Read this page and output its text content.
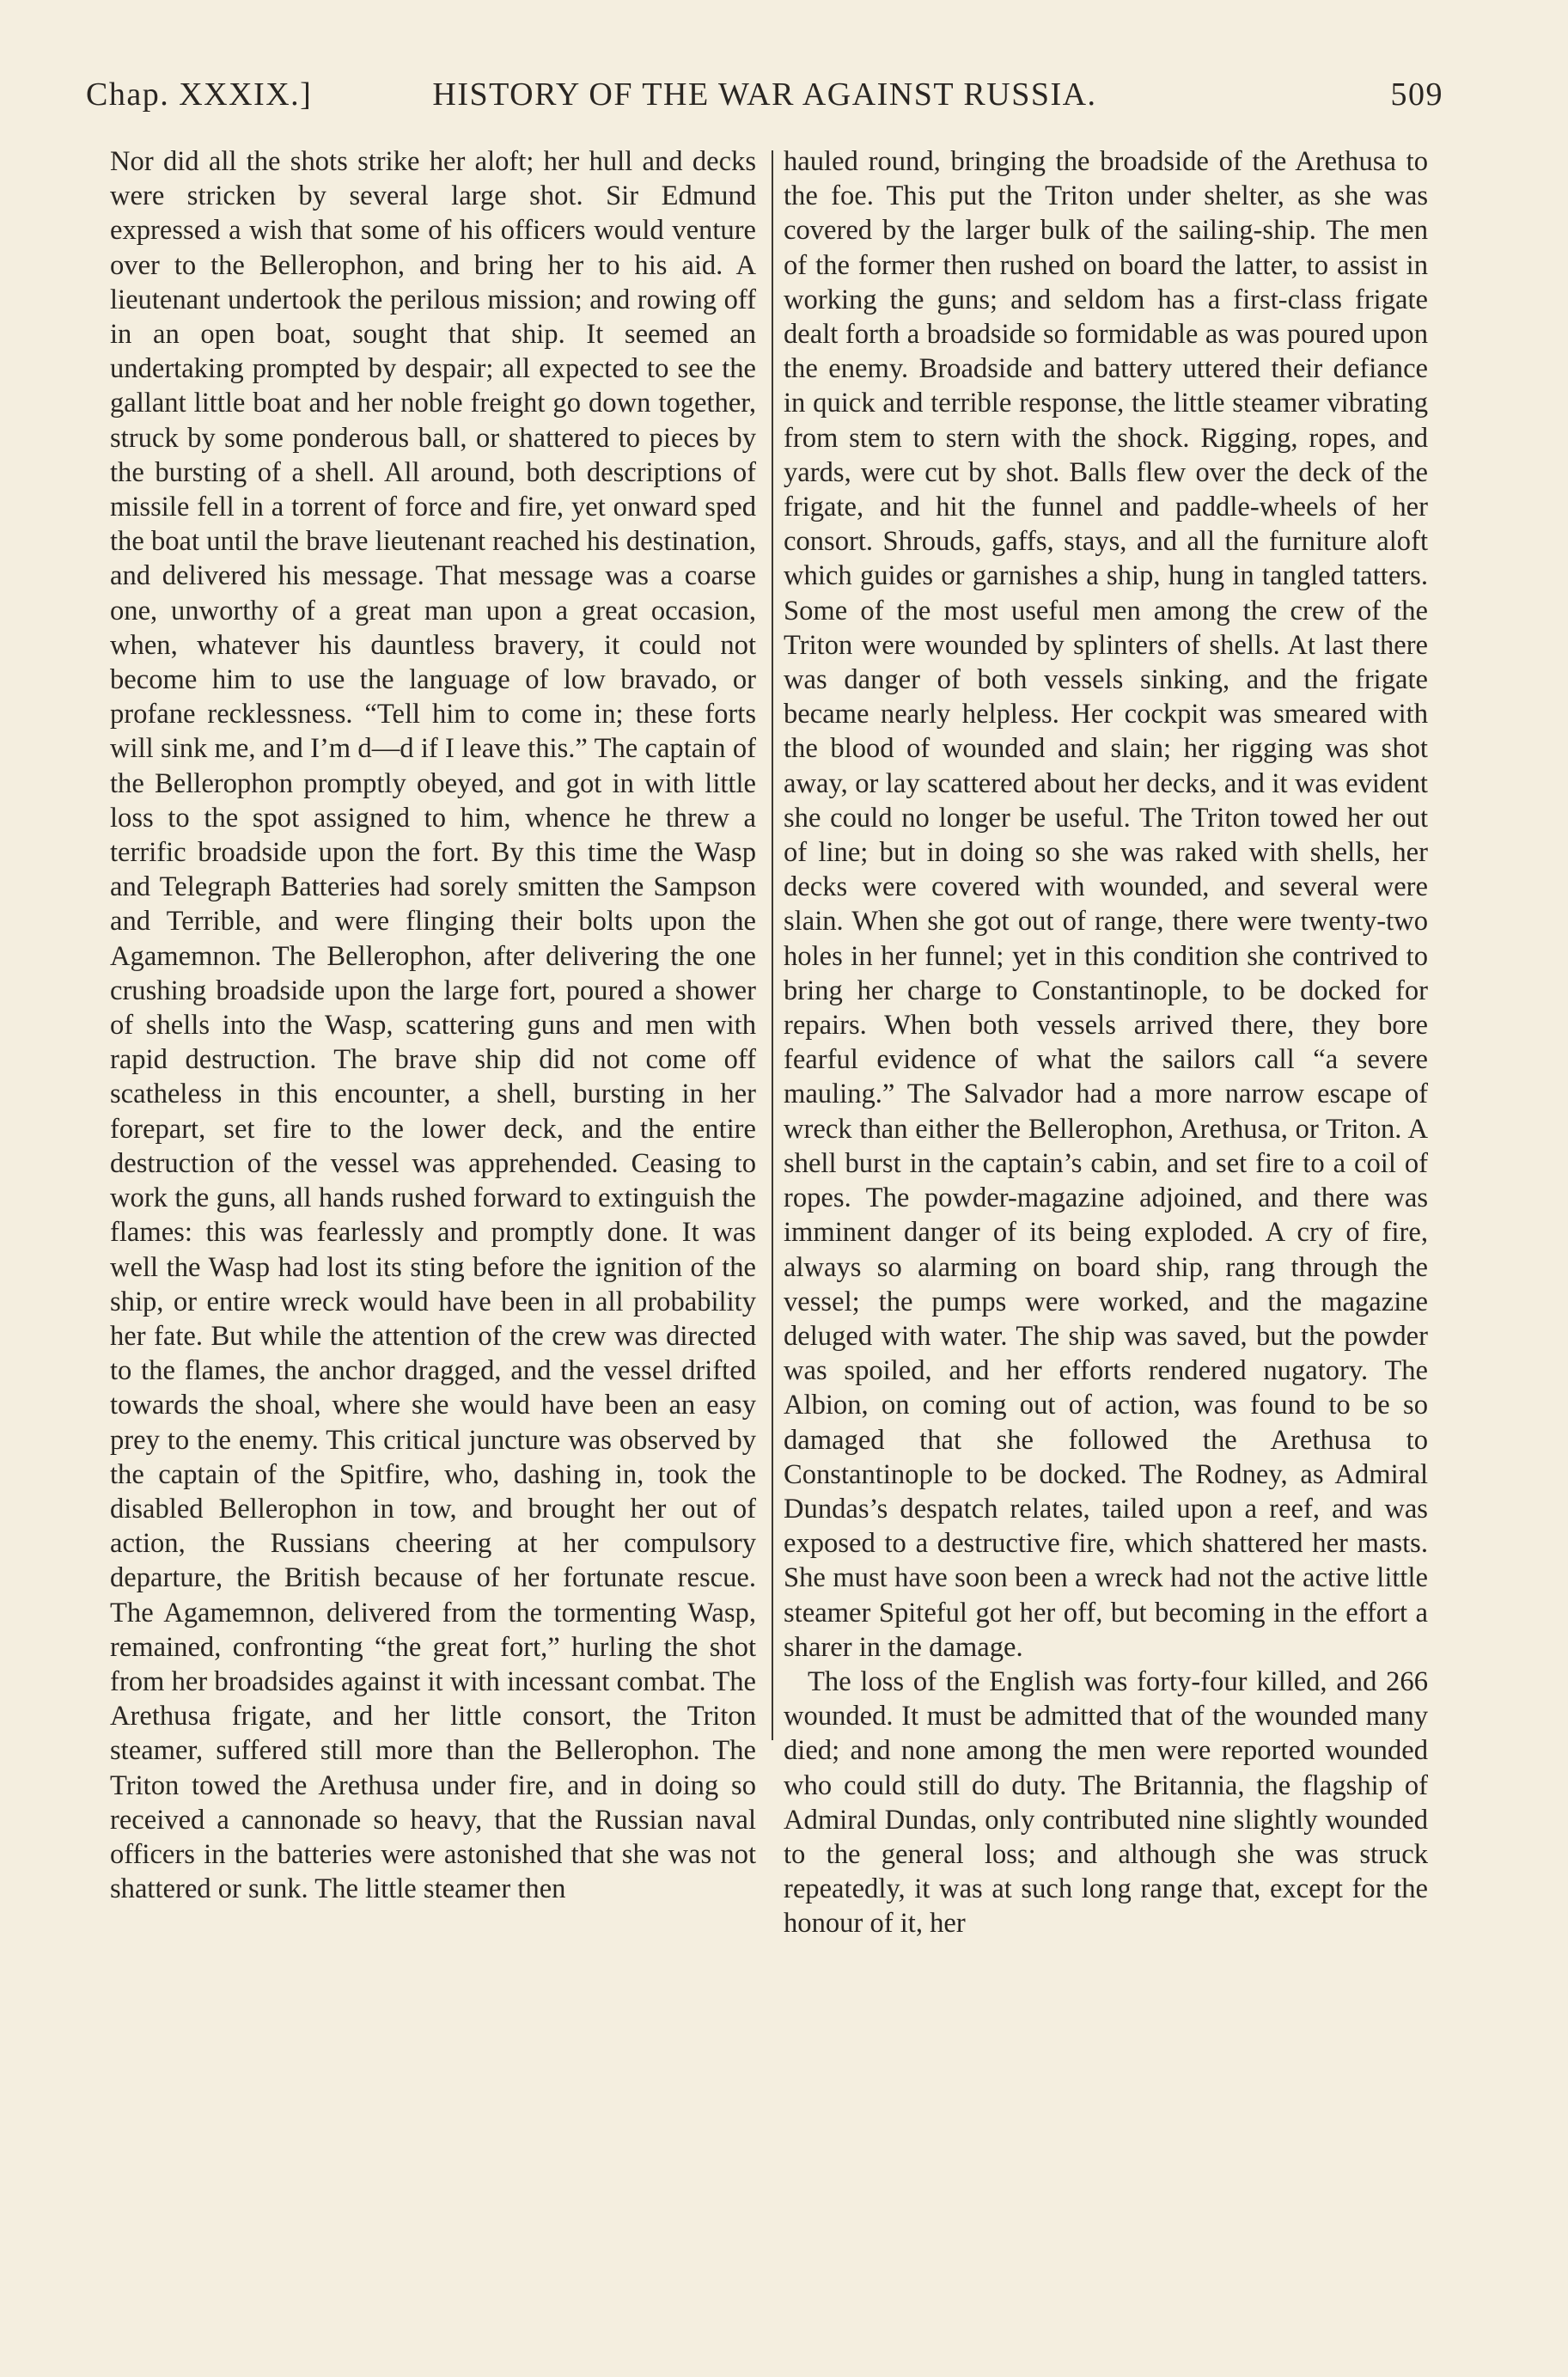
Chap. XXXIX.]	HISTORY OF THE WAR AGAINST RUSSIA.	509

Nor did all the shots strike her aloft; her hull and decks were stricken by several large shot. Sir Edmund expressed a wish that some of his officers would venture over to the Bellerophon, and bring her to his aid. A lieutenant undertook the perilous mission; and rowing off in an open boat, sought that ship. It seemed an undertaking prompted by despair; all expected to see the gallant little boat and her noble freight go down together, struck by some ponderous ball, or shattered to pieces by the bursting of a shell. All around, both descriptions of missile fell in a torrent of force and fire, yet onward sped the boat until the brave lieutenant reached his destination, and delivered his message. That message was a coarse one, unworthy of a great man upon a great occasion, when, whatever his dauntless bravery, it could not become him to use the language of low bravado, or profane recklessness. “Tell him to come in; these forts will sink me, and I’m d—d if I leave this.” The captain of the Bellerophon promptly obeyed, and got in with little loss to the spot assigned to him, whence he threw a terrific broadside upon the fort. By this time the Wasp and Telegraph Batteries had sorely smitten the Sampson and Terrible, and were flinging their bolts upon the Agamemnon. The Bellerophon, after delivering the one crushing broadside upon the large fort, poured a shower of shells into the Wasp, scattering guns and men with rapid destruction. The brave ship did not come off scatheless in this encounter, a shell, bursting in her forepart, set fire to the lower deck, and the entire destruction of the vessel was apprehended. Ceasing to work the guns, all hands rushed forward to extinguish the flames: this was fearlessly and promptly done. It was well the Wasp had lost its sting before the ignition of the ship, or entire wreck would have been in all probability her fate. But while the attention of the crew was directed to the flames, the anchor dragged, and the vessel drifted towards the shoal, where she would have been an easy prey to the enemy. This critical juncture was observed by the captain of the Spitfire, who, dashing in, took the disabled Bellerophon in tow, and brought her out of action, the Russians cheering at her compulsory departure, the British because of her fortunate rescue. The Agamemnon, delivered from the tormenting Wasp, remained, confronting “the great fort,” hurling the shot from her broadsides against it with incessant combat. The Arethusa frigate, and her little consort, the Triton steamer, suffered still more than the Bellerophon. The Triton towed the Arethusa under fire, and in doing so received a cannonade so heavy, that the Russian naval officers in the batteries were astonished that she was not shattered or sunk. The little steamer then

hauled round, bringing the broadside of the Arethusa to the foe. This put the Triton under shelter, as she was covered by the larger bulk of the sailing-ship. The men of the former then rushed on board the latter, to assist in working the guns; and seldom has a first-class frigate dealt forth a broadside so formidable as was poured upon the enemy. Broadside and battery uttered their defiance in quick and terrible response, the little steamer vibrating from stem to stern with the shock. Rigging, ropes, and yards, were cut by shot. Balls flew over the deck of the frigate, and hit the funnel and paddle-wheels of her consort. Shrouds, gaffs, stays, and all the furniture aloft which guides or garnishes a ship, hung in tangled tatters. Some of the most useful men among the crew of the Triton were wounded by splinters of shells. At last there was danger of both vessels sinking, and the frigate became nearly helpless. Her cockpit was smeared with the blood of wounded and slain; her rigging was shot away, or lay scattered about her decks, and it was evident she could no longer be useful. The Triton towed her out of line; but in doing so she was raked with shells, her decks were covered with wounded, and several were slain. When she got out of range, there were twenty-two holes in her funnel; yet in this condition she contrived to bring her charge to Constantinople, to be docked for repairs. When both vessels arrived there, they bore fearful evidence of what the sailors call “a severe mauling.” The Salvador had a more narrow escape of wreck than either the Bellerophon, Arethusa, or Triton. A shell burst in the captain’s cabin, and set fire to a coil of ropes. The powder-magazine adjoined, and there was imminent danger of its being exploded. A cry of fire, always so alarming on board ship, rang through the vessel; the pumps were worked, and the magazine deluged with water. The ship was saved, but the powder was spoiled, and her efforts rendered nugatory. The Albion, on coming out of action, was found to be so damaged that she followed the Arethusa to Constantinople to be docked. The Rodney, as Admiral Dundas’s despatch relates, tailed upon a reef, and was exposed to a destructive fire, which shattered her masts. She must have soon been a wreck had not the active little steamer Spiteful got her off, but becoming in the effort a sharer in the damage.

The loss of the English was forty-four killed, and 266 wounded. It must be admitted that of the wounded many died; and none among the men were reported wounded who could still do duty. The Britannia, the flagship of Admiral Dundas, only contributed nine slightly wounded to the general loss; and although she was struck repeatedly, it was at such long range that, except for the honour of it, her
